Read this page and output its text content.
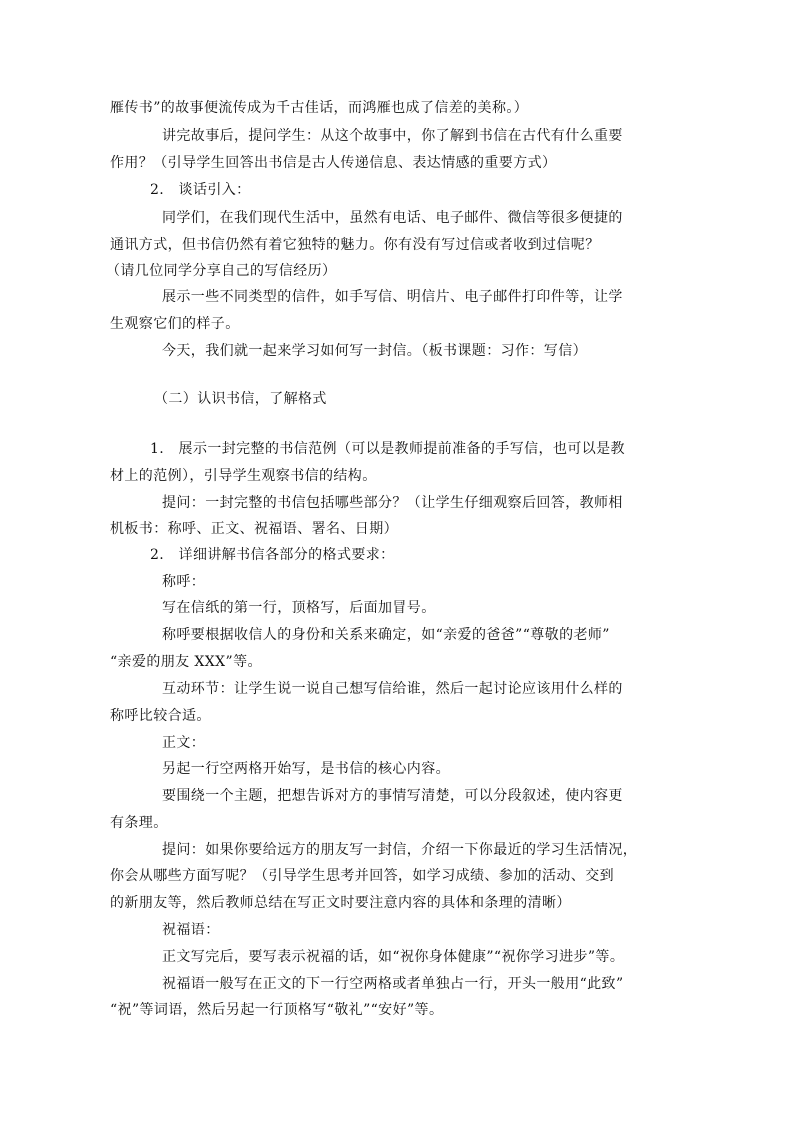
雁传书”的故事便流传成为千古佳话，而鸿雁也成了信差的美称。）
讲完故事后，提问学生：从这个故事中，你了解到书信在古代有什么重要
作用？（引导学生回答出书信是古人传递信息、表达情感的重要方式）
2.　谈话引入：
同学们，在我们现代生活中，虽然有电话、电子邮件、微信等很多便捷的
通讯方式，但书信仍然有着它独特的魅力。你有没有写过信或者收到过信呢？
（请几位同学分享自己的写信经历）
展示一些不同类型的信件，如手写信、明信片、电子邮件打印件等，让学
生观察它们的样子。
今天，我们就一起来学习如何写一封信。（板书课题：习作：写信）
（二）认识书信，了解格式
1.　展示一封完整的书信范例（可以是教师提前准备的手写信，也可以是教
材上的范例），引导学生观察书信的结构。
提问：一封完整的书信包括哪些部分？（让学生仔细观察后回答，教师相
机板书：称呼、正文、祝福语、署名、日期）
2.　详细讲解书信各部分的格式要求：
称呼：
写在信纸的第一行，顶格写，后面加冒号。
称呼要根据收信人的身份和关系来确定，如“亲爱的爸爸”“尊敬的老师”
“亲爱的朋友 XXX”等。
互动环节：让学生说一说自己想写信给谁，然后一起讨论应该用什么样的
称呼比较合适。
正文：
另起一行空两格开始写，是书信的核心内容。
要围绕一个主题，把想告诉对方的事情写清楚，可以分段叙述，使内容更
有条理。
提问：如果你要给远方的朋友写一封信，介绍一下你最近的学习生活情况，
你会从哪些方面写呢？（引导学生思考并回答，如学习成绩、参加的活动、交到
的新朋友等，然后教师总结在写正文时要注意内容的具体和条理的清晰）
祝福语：
正文写完后，要写表示祝福的话，如“祝你身体健康”“祝你学习进步”等。
祝福语一般写在正文的下一行空两格或者单独占一行，开头一般用“此致”
“祝”等词语，然后另起一行顶格写“敬礼”“安好”等。
